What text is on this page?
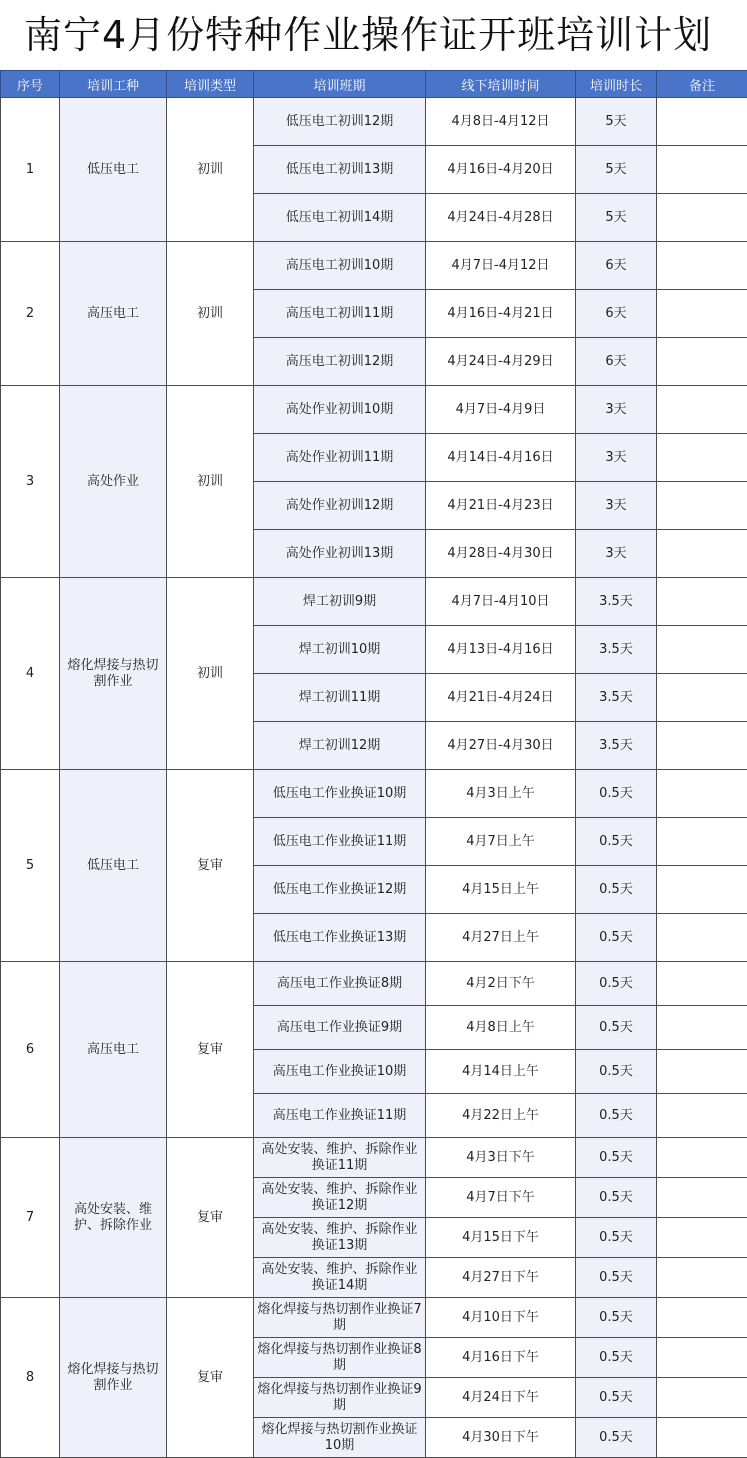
南宁4月份特种作业操作证开班培训计划
序号	培训工种	培训类型	培训班期	线下培训时间	培训时长	备注
1	低压电工	初训	低压电工初训12期	4月8日-4月12日	5天	
			低压电工初训13期	4月16日-4月20日	5天	
			低压电工初训14期	4月24日-4月28日	5天	
2	高压电工	初训	高压电工初训10期	4月7日-4月12日	6天	
			高压电工初训11期	4月16日-4月21日	6天	
			高压电工初训12期	4月24日-4月29日	6天	
3	高处作业	初训	高处作业初训10期	4月7日-4月9日	3天	
			高处作业初训11期	4月14日-4月16日	3天	
			高处作业初训12期	4月21日-4月23日	3天	
			高处作业初训13期	4月28日-4月30日	3天	
4	熔化焊接与热切割作业	初训	焊工初训9期	4月7日-4月10日	3.5天	
			焊工初训10期	4月13日-4月16日	3.5天	
			焊工初训11期	4月21日-4月24日	3.5天	
			焊工初训12期	4月27日-4月30日	3.5天	
5	低压电工	复审	低压电工作业换证10期	4月3日上午	0.5天	
			低压电工作业换证11期	4月7日上午	0.5天	
			低压电工作业换证12期	4月15日上午	0.5天	
			低压电工作业换证13期	4月27日上午	0.5天	
6	高压电工	复审	高压电工作业换证8期	4月2日下午	0.5天	
			高压电工作业换证9期	4月8日上午	0.5天	
			高压电工作业换证10期	4月14日上午	0.5天	
			高压电工作业换证11期	4月22日上午	0.5天	
7	高处安装、维护、拆除作业	复审	高处安装、维护、拆除作业换证11期	4月3日下午	0.5天	
			高处安装、维护、拆除作业换证12期	4月7日下午	0.5天	
			高处安装、维护、拆除作业换证13期	4月15日下午	0.5天	
			高处安装、维护、拆除作业换证14期	4月27日下午	0.5天	
8	熔化焊接与热切割作业	复审	熔化焊接与热切割作业换证7期	4月10日下午	0.5天	
			熔化焊接与热切割作业换证8期	4月16日下午	0.5天	
			熔化焊接与热切割作业换证9期	4月24日下午	0.5天	
			熔化焊接与热切割作业换证10期	4月30日下午	0.5天	
